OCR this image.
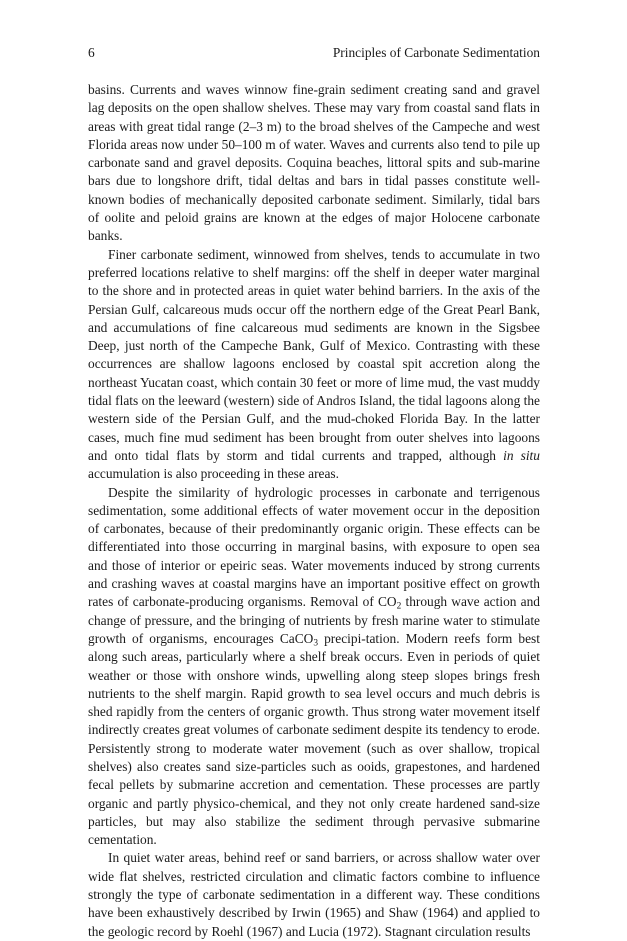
6	Principles of Carbonate Sedimentation

basins. Currents and waves winnow fine-grain sediment creating sand and gravel lag deposits on the open shallow shelves. These may vary from coastal sand flats in areas with great tidal range (2–3 m) to the broad shelves of the Campeche and west Florida areas now under 50–100 m of water. Waves and currents also tend to pile up carbonate sand and gravel deposits. Coquina beaches, littoral spits and sub-marine bars due to longshore drift, tidal deltas and bars in tidal passes constitute well-known bodies of mechanically deposited carbonate sediment. Similarly, tidal bars of oolite and peloid grains are known at the edges of major Holocene carbonate banks.

Finer carbonate sediment, winnowed from shelves, tends to accumulate in two preferred locations relative to shelf margins: off the shelf in deeper water marginal to the shore and in protected areas in quiet water behind barriers. In the axis of the Persian Gulf, calcareous muds occur off the northern edge of the Great Pearl Bank, and accumulations of fine calcareous mud sediments are known in the Sigsbee Deep, just north of the Campeche Bank, Gulf of Mexico. Contrasting with these occurrences are shallow lagoons enclosed by coastal spit accretion along the northeast Yucatan coast, which contain 30 feet or more of lime mud, the vast muddy tidal flats on the leeward (western) side of Andros Island, the tidal lagoons along the western side of the Persian Gulf, and the mud-choked Florida Bay. In the latter cases, much fine mud sediment has been brought from outer shelves into lagoons and onto tidal flats by storm and tidal currents and trapped, although in situ accumulation is also proceeding in these areas.

Despite the similarity of hydrologic processes in carbonate and terrigenous sedimentation, some additional effects of water movement occur in the deposition of carbonates, because of their predominantly organic origin. These effects can be differentiated into those occurring in marginal basins, with exposure to open sea and those of interior or epeiric seas. Water movements induced by strong currents and crashing waves at coastal margins have an important positive effect on growth rates of carbonate-producing organisms. Removal of $CO_2$ through wave action and change of pressure, and the bringing of nutrients by fresh marine water to stimulate growth of organisms, encourages CaCO$_3$ precipi-tation. Modern reefs form best along such areas, particularly where a shelf break occurs. Even in periods of quiet weather or those with onshore winds, upwelling along steep slopes brings fresh nutrients to the shelf margin. Rapid growth to sea level occurs and much debris is shed rapidly from the centers of organic growth. Thus strong water movement itself indirectly creates great volumes of carbonate sediment despite its tendency to erode. Persistently strong to moderate water movement (such as over shallow, tropical shelves) also creates sand size-particles such as ooids, grapestones, and hardened fecal pellets by submarine accretion and cementation. These processes are partly organic and partly physico-chemical, and they not only create hardened sand-size particles, but may also stabilize the sediment through pervasive submarine cementation.

In quiet water areas, behind reef or sand barriers, or across shallow water over wide flat shelves, restricted circulation and climatic factors combine to influence strongly the type of carbonate sedimentation in a different way. These conditions have been exhaustively described by Irwin (1965) and Shaw (1964) and applied to the geologic record by Roehl (1967) and Lucia (1972). Stagnant circulation results
